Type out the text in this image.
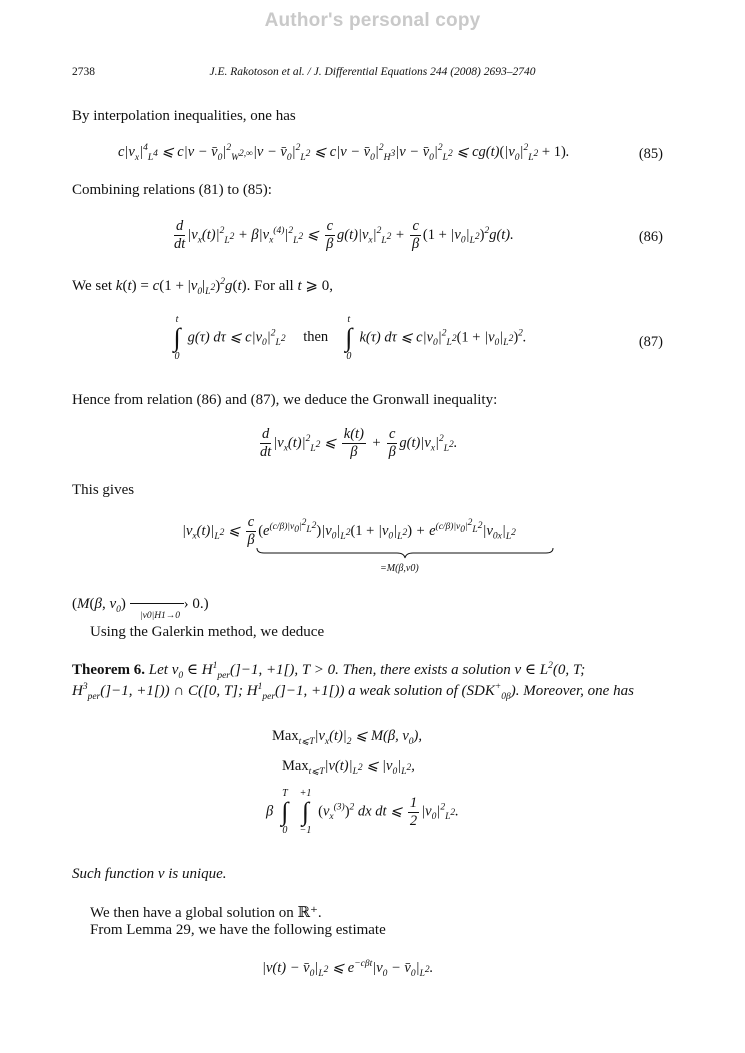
Author's personal copy
J.E. Rakotoson et al. / J. Differential Equations 244 (2008) 2693–2740
2738
By interpolation inequalities, one has
$c|v_x|^4_{L^4}$ ⩽ $c|v - v̄_0|^2_{W^{2,\infty}}|v$ − $v̄_0|^2_{L^2}$ ⩽ $c|v - v̄_0|^2_{H^3}|v$ − $v̄_0|^2_{L^2}$ ⩽ $cg(t)(|v_0|^2_{L^2} + 1)$.	(85)
Combining relations (81) to (85):
$\frac{d}{dt} |v_x(t)|^2_{L^2} + \beta|v_x^{(4)}|^2_{L^2}$ ⩽ $\frac{c}{\beta} g(t)|v_x|^2_{L^2} + \frac{c}{\beta} (1 + |v_0|_{L^2})^2g(t)$.	(86)
We set $k(t) = c(1 + |v_0|_{L^2})^2g(t)$. For all t ⩾ 0,
t
∫
0
g(τ) dτ ⩽ $c|v_0|^2_{L^2}$ then
t
∫
0
k(τ) dτ ⩽ $c|v_0|^2_{L^2}(1 + |v_0|_{L^2})^2$.	(87)
Hence from relation (86) and (87), we deduce the Gronwall inequality:
$\frac{d}{dt} |v_x(t)|^2_{L^2}$ ⩽ $\frac{k(t)}{\beta} + \frac{c}{\beta} g(t)|v_x|^2_{L^2}$.
This gives
$|v_x(t)|_{L^2}$ ⩽ $\frac{c}{\beta} (e^{(c/\beta)|v_0|^2_{L^2}})|v_0|_{L^2}(1 + |v_0|_{L^2}) + e^{(c/\beta)|v_0|^2_{L^2}}|v_{0x}|_{L^2}$
=M(β,v0)
(M(β, $v_0$)	› 0.)
|v0|H1→0
Using the Galerkin method, we deduce
Theorem 6. Let $v_0$ ∈ $H^1_{per}(]-1$, +1[), T > 0. Then, there exists a solution v ∈ $L^2(0$, T;
$H^3_{per}(]-1$, +1[)) ∩ C([0, T]; $H^1_{per}(]-1$, +1[)) a weak solution of $(SDK^+_{0\beta})$. Moreover, one has
$Max_{t⩽T}|v_x(t)|_2$ ⩽ M(β, $v_0$),
$Max_{t⩽T}|v(t)|_{L^2}$ ⩽ $|v_0|_{L^2}$,
β
T
∫
0

+1
∫
−1
$(v_x^{(3)})^2$ dx dt ⩽ $\frac{1}{2} |v_0|^2_{L^2}$.
Such function v is unique.
We then have a global solution on ℝ⁺.
From Lemma 29, we have the following estimate
$|v(t) - v̄_0|_{L^2}$ ⩽ $e^{-c\beta t}|v_0$ − $v̄_0|_{L^2}$.
